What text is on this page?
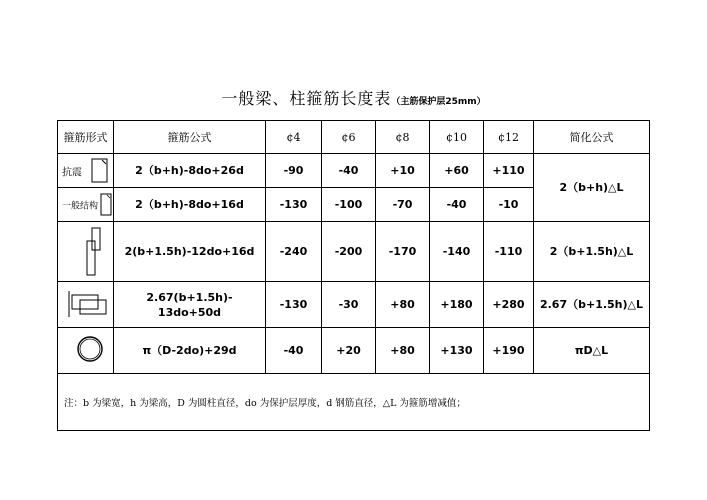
一般梁、柱箍筋长度表（主筋保护层25mm）
箍筋形式	箍筋公式	¢4	¢6	¢8	¢10	¢12	简化公式

抗震	2（b+h)-8do+26d	-90	-40	+10	+60	+110	2（b+h)△L

一般结构	2（b+h)-8do+16d	-130	-100	-70	-40	-10	

	2(b+1.5h)-12do+16d	-240	-200	-170	-140	-110	2（b+1.5h)△L

2.67(b+1.5h)-
13do+50d	-130	-30	+80	+180	+280	2.67（b+1.5h)△L

	π（D-2do)+29d	-40	+20	+80	+130	+190	πD△L
注：b 为梁宽，h 为梁高，D 为圆柱直径，do 为保护层厚度，d 钢筋直径，△L 为箍筋增减值；							
